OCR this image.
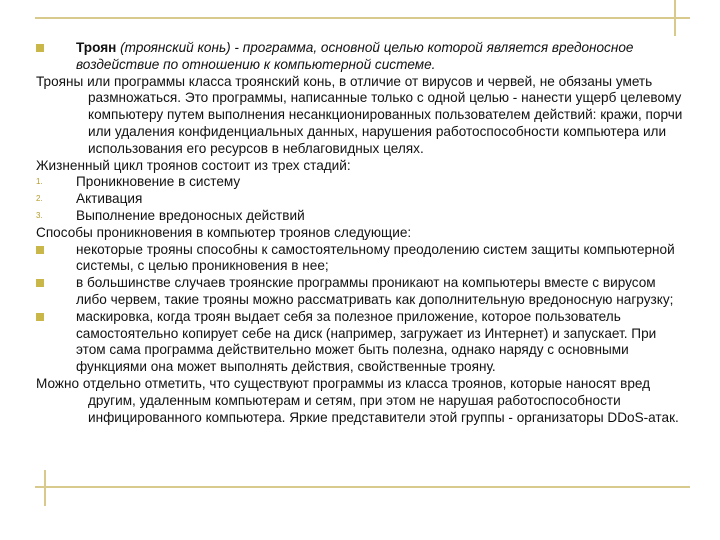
Троян (троянский конь) - программа, основной целью которой является вредоносное воздействие по отношению к компьютерной системе.

Трояны или программы класса троянский конь, в отличие от вирусов и червей, не обязаны уметь размножаться. Это программы, написанные только с одной целью - нанести ущерб целевому компьютеру путем выполнения несанкционированных пользователем действий: кражи, порчи или удаления конфиденциальных данных, нарушения работоспособности компьютера или использования его ресурсов в неблаговидных целях.

Жизненный цикл троянов состоит из трех стадий:

1.	Проникновение в систему

2.	Активация

3.	Выполнение вредоносных действий

Способы проникновения в компьютер троянов следующие:

некоторые трояны способны к самостоятельному преодолению систем защиты компьютерной системы, с целью проникновения в нее;

в большинстве случаев троянские программы проникают на компьютеры вместе с вирусом либо червем, такие трояны можно рассматривать как дополнительную вредоносную нагрузку;

маскировка, когда троян выдает себя за полезное приложение, которое пользователь самостоятельно копирует себе на диск (например, загружает из Интернет) и запускает. При этом сама программа действительно может быть полезна, однако наряду с основными функциями она может выполнять действия, свойственные трояну.

Можно отдельно отметить, что существуют программы из класса троянов, которые наносят вред другим, удаленным компьютерам и сетям, при этом не нарушая работоспособности инфицированного компьютера. Яркие представители этой группы - организаторы DDoS-атак.
